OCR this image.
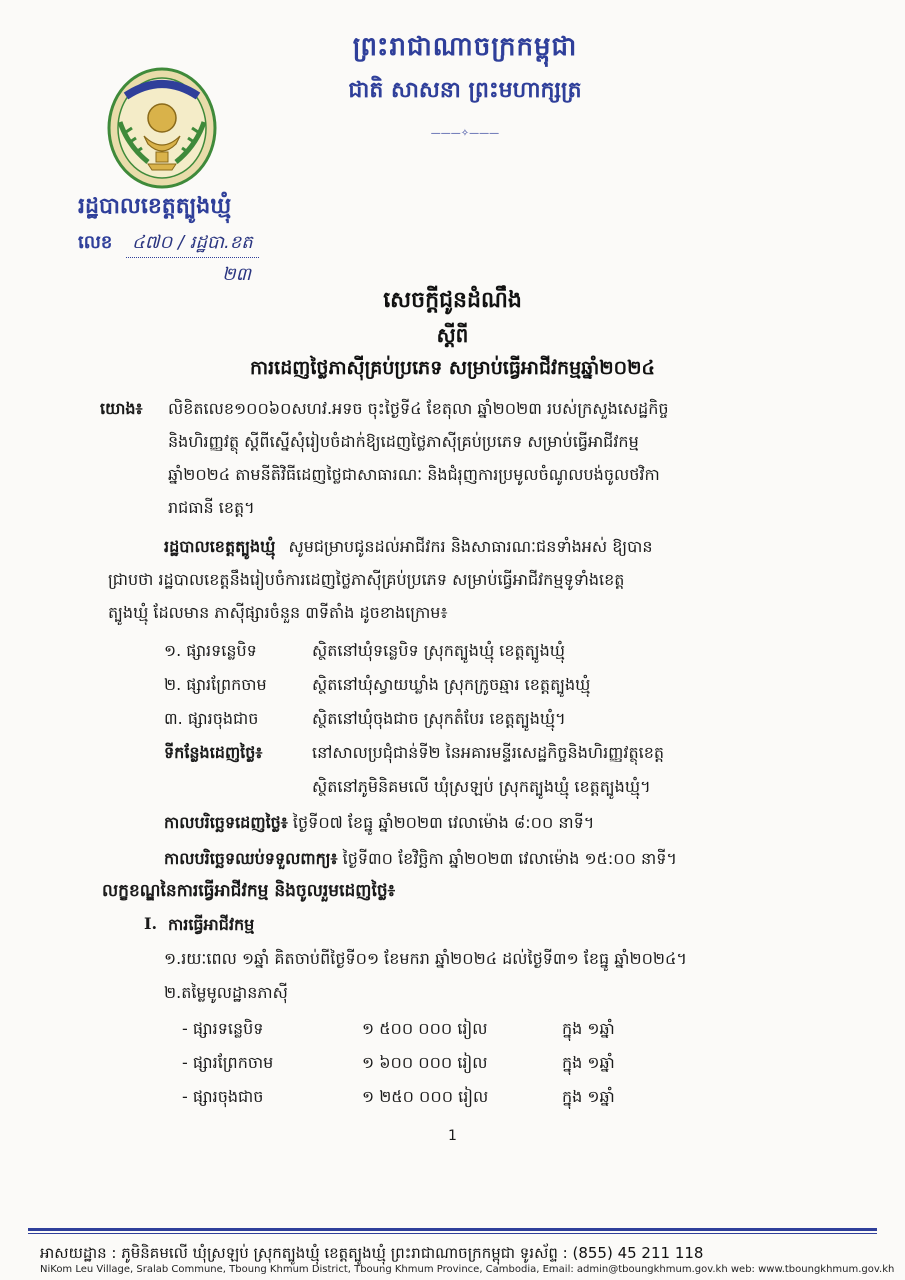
ព្រះរាជាណាចក្រកម្ពុជា
ជាតិ សាសនា ព្រះមហាក្សត្រ
———✧———
រដ្ឋបាលខេត្តត្បូងឃ្មុំ
លេខ ៤៧០ / រដ្ឋបា.ខត
២៣
សេចក្តីជូនដំណឹង
ស្តីពី
ការដេញថ្លៃភាស៊ីគ្រប់ប្រភេទ សម្រាប់ធ្វើអាជីវកម្មឆ្នាំ២០២៤
យោង៖ លិខិតលេខ១០០៦០សហវ.អទច ចុះថ្ងៃទី៤ ខែតុលា ឆ្នាំ២០២៣ របស់ក្រសួងសេដ្ឋកិច្ច
និងហិរញ្ញវត្ថុ ស្តីពីស្នើសុំរៀបចំដាក់ឱ្យដេញថ្លៃភាស៊ីគ្រប់ប្រភេទ សម្រាប់ធ្វើអាជីវកម្ម
ឆ្នាំ២០២៤ តាមនីតិវិធីដេញថ្លៃជាសាធារណៈ និងជំរុញការប្រមូលចំណូលបង់ចូលថវិកា
រាជធានី ខេត្ត។
រដ្ឋបាលខេត្តត្បូងឃ្មុំ សូមជម្រាបជូនដល់អាជីវករ និងសាធារណៈជនទាំងអស់ ឱ្យបាន
ជ្រាបថា រដ្ឋបាលខេត្តនឹងរៀបចំការដេញថ្លៃភាស៊ីគ្រប់ប្រភេទ សម្រាប់ធ្វើអាជីវកម្មទូទាំងខេត្ត
ត្បូងឃ្មុំ ដែលមាន ភាស៊ីផ្សារចំនួន ៣ទីតាំង ដូចខាងក្រោម៖
១. ផ្សារទន្លេបិទ	ស្ថិតនៅឃុំទន្លេបិទ ស្រុកត្បូងឃ្មុំ ខេត្តត្បូងឃ្មុំ
២. ផ្សារព្រែកចាម	ស្ថិតនៅឃុំស្វាយឃ្លាំង ស្រុកក្រូចឆ្មារ ខេត្តត្បូងឃ្មុំ
៣. ផ្សារចុងជាច	ស្ថិតនៅឃុំចុងជាច ស្រុកតំបែរ ខេត្តត្បូងឃ្មុំ។
ទីកន្លែងដេញថ្លៃ៖	នៅសាលប្រជុំជាន់ទី២ នៃអគារមន្ទីរសេដ្ឋកិច្ចនិងហិរញ្ញវត្ថុខេត្ត
ស្ថិតនៅភូមិនិគមលើ ឃុំស្រឡប់ ស្រុកត្បូងឃ្មុំ ខេត្តត្បូងឃ្មុំ។
កាលបរិច្ឆេទដេញថ្លៃ៖ ថ្ងៃទី០៧ ខែធ្នូ ឆ្នាំ២០២៣ វេលាម៉ោង ៨:០០ នាទី។
កាលបរិច្ឆេទឈប់ទទួលពាក្យ៖ ថ្ងៃទី៣០ ខែវិច្ឆិកា ឆ្នាំ២០២៣ វេលាម៉ោង ១៥:០០ នាទី។
លក្ខខណ្ឌនៃការធ្វើអាជីវកម្ម និងចូលរួមដេញថ្លៃ៖
I. ការធ្វើអាជីវកម្ម
១.រយៈពេល ១ឆ្នាំ គិតចាប់ពីថ្ងៃទី០១ ខែមករា ឆ្នាំ២០២៤ ដល់ថ្ងៃទី៣១ ខែធ្នូ ឆ្នាំ២០២៤។
២.តម្លៃមូលដ្ឋានភាស៊ី
- ផ្សារទន្លេបិទ	១ ៥០០ ០០០ រៀល	ក្នុង ១ឆ្នាំ
- ផ្សារព្រែកចាម	១ ៦០០ ០០០ រៀល	ក្នុង ១ឆ្នាំ
- ផ្សារចុងជាច	១ ២៥០ ០០០ រៀល	ក្នុង ១ឆ្នាំ
1
អាសយដ្ឋាន : ភូមិនិគមលើ ឃុំស្រឡប់ ស្រុកត្បូងឃ្មុំ ខេត្តត្បូងឃ្មុំ ព្រះរាជាណាចក្រកម្ពុជា ទូរស័ព្ទ : (855) 45 211 118
NiKom Leu Village, Sralab Commune, Tboung Khmum District, Tboung Khmum Province, Cambodia, Email: admin@tboungkhmum.gov.kh web: www.tboungkhmum.gov.kh
